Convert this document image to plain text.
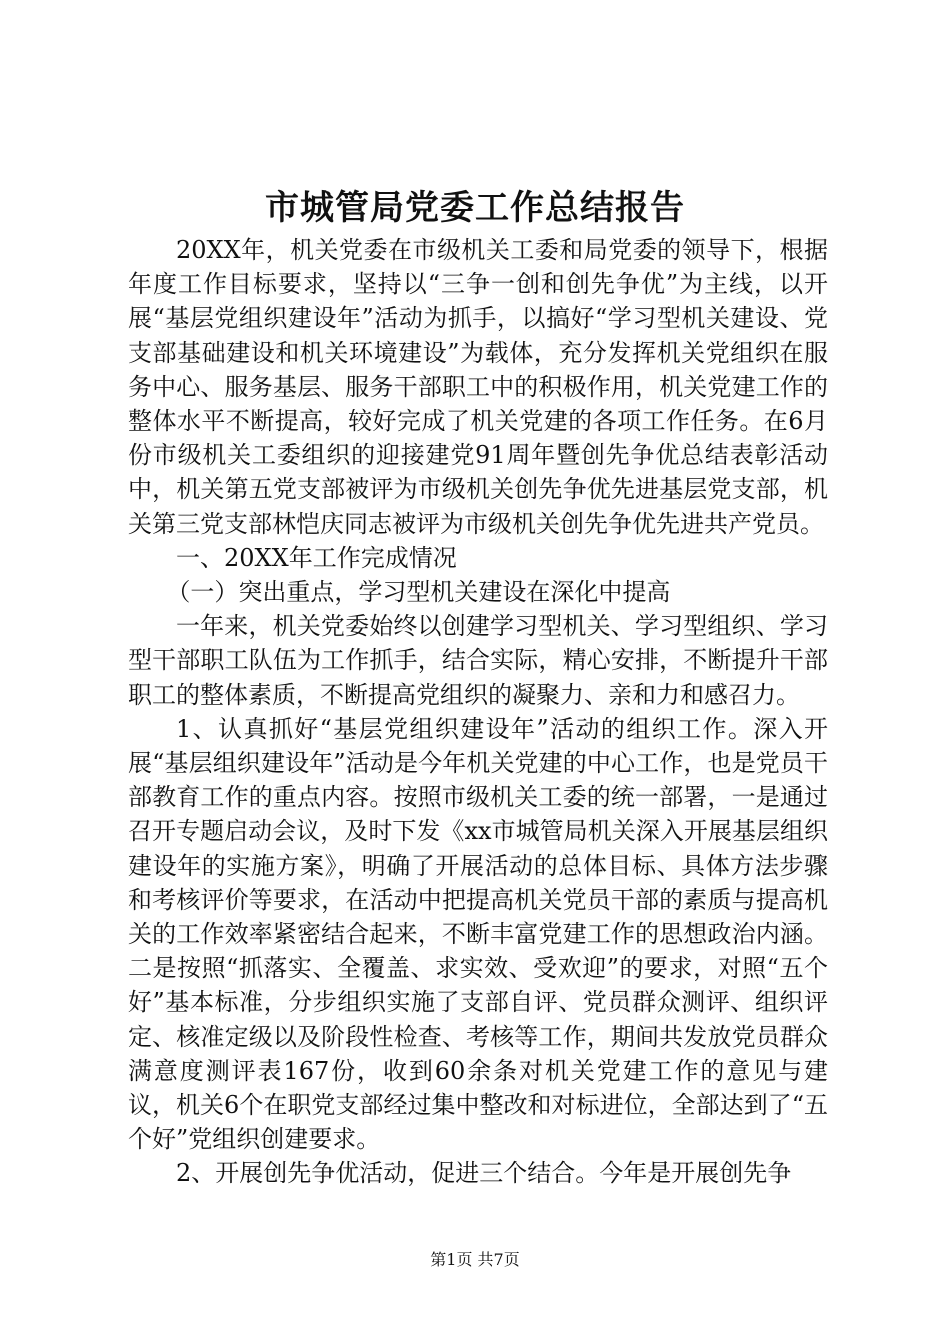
市城管局党委工作总结报告

20XX年，机关党委在市级机关工委和局党委的领导下，根据年度工作目标要求，坚持以“三争一创和创先争优”为主线，以开展“基层党组织建设年”活动为抓手，以搞好“学习型机关建设、党支部基础建设和机关环境建设”为载体，充分发挥机关党组织在服务中心、服务基层、服务干部职工中的积极作用，机关党建工作的整体水平不断提高，较好完成了机关党建的各项工作任务。在6月份市级机关工委组织的迎接建党91周年暨创先争优总结表彰活动中，机关第五党支部被评为市级机关创先争优先进基层党支部，机关第三党支部林恺庆同志被评为市级机关创先争优先进共产党员。

一、20XX年工作完成情况

（一）突出重点，学习型机关建设在深化中提高

一年来，机关党委始终以创建学习型机关、学习型组织、学习型干部职工队伍为工作抓手，结合实际，精心安排，不断提升干部职工的整体素质，不断提高党组织的凝聚力、亲和力和感召力。

1、认真抓好“基层党组织建设年”活动的组织工作。深入开展“基层组织建设年”活动是今年机关党建的中心工作，也是党员干部教育工作的重点内容。按照市级机关工委的统一部署，一是通过召开专题启动会议，及时下发《xx市城管局机关深入开展基层组织建设年的实施方案》，明确了开展活动的总体目标、具体方法步骤和考核评价等要求，在活动中把提高机关党员干部的素质与提高机关的工作效率紧密结合起来，不断丰富党建工作的思想政治内涵。二是按照“抓落实、全覆盖、求实效、受欢迎”的要求，对照“五个好”基本标准，分步组织实施了支部自评、党员群众测评、组织评定、核准定级以及阶段性检查、考核等工作，期间共发放党员群众满意度测评表167份，收到60余条对机关党建工作的意见与建议，机关6个在职党支部经过集中整改和对标进位，全部达到了“五个好”党组织创建要求。

2、开展创先争优活动，促进三个结合。今年是开展创先争

第1页 共7页
